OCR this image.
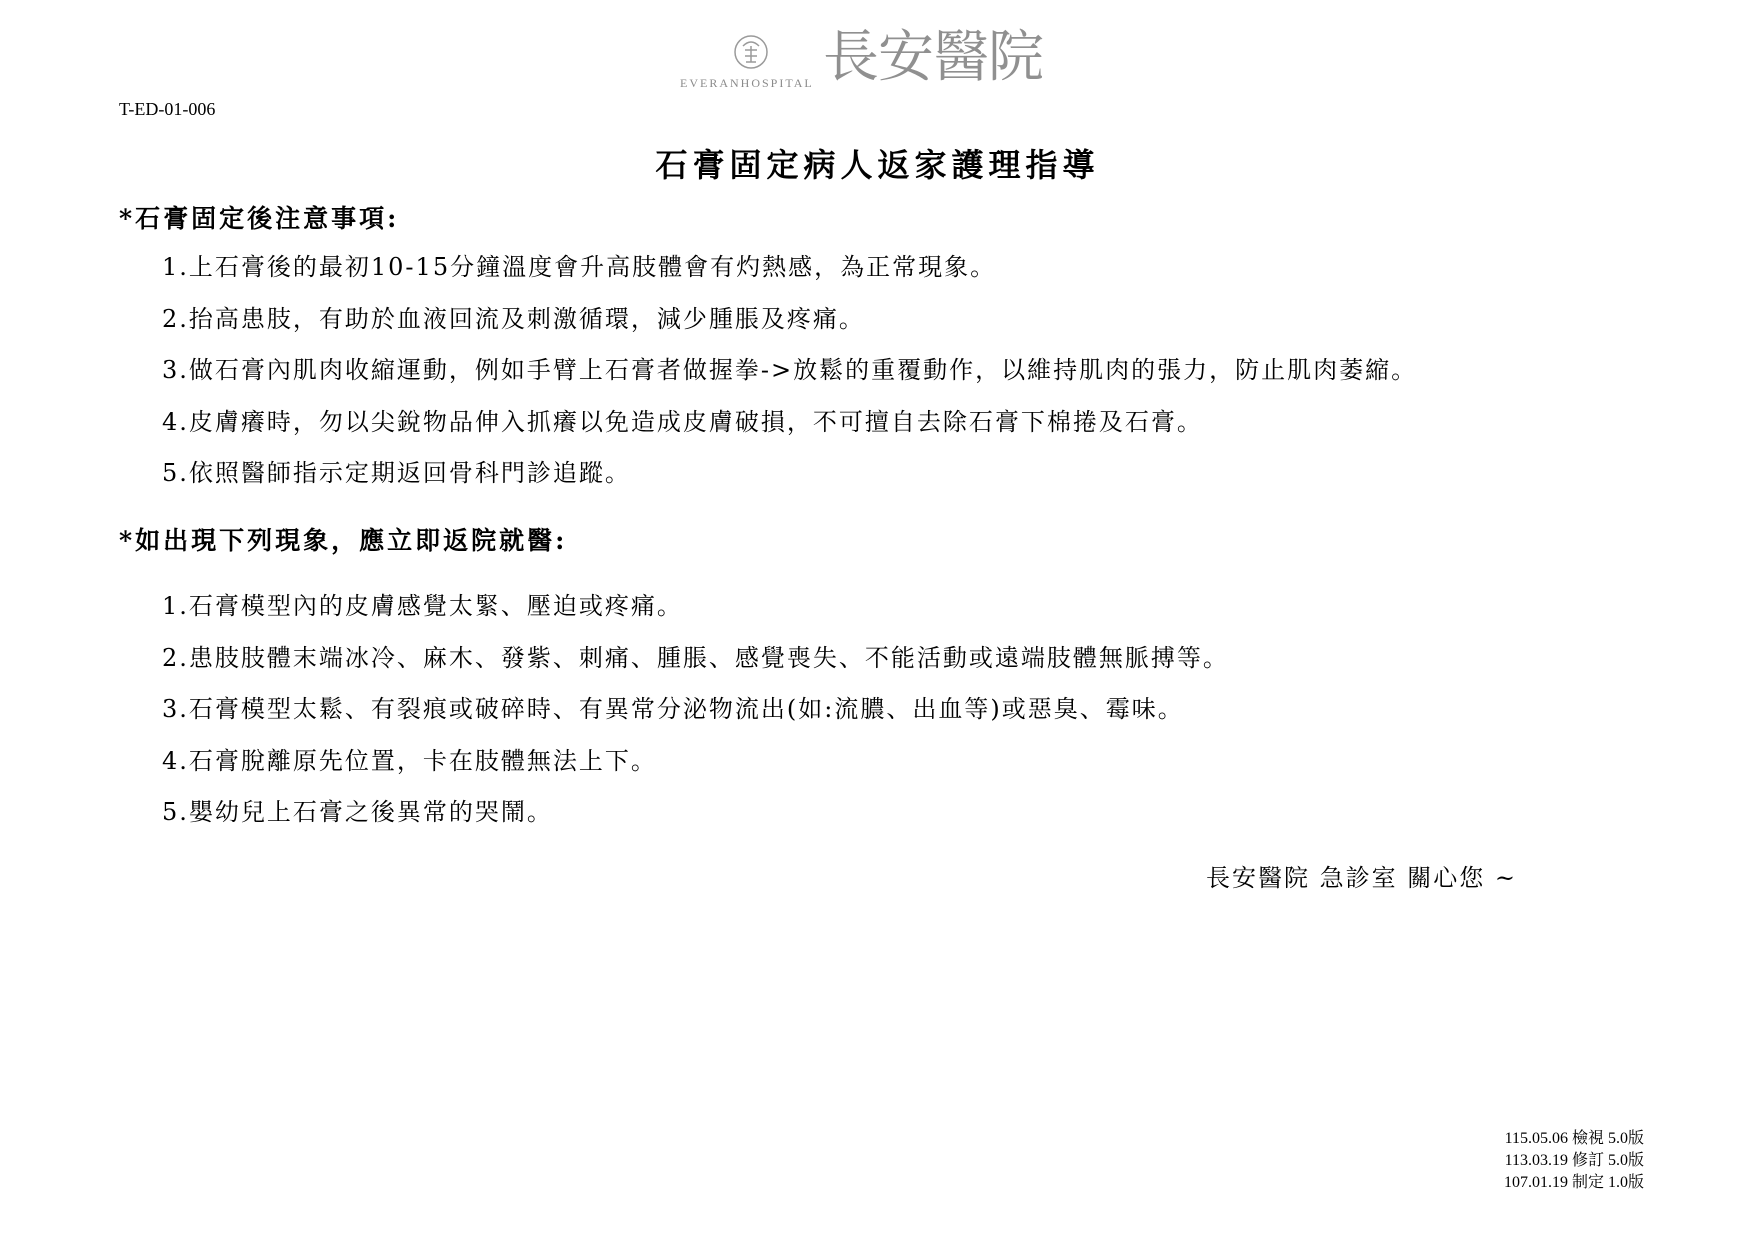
EVERANHOSPITAL 長安醫院
T-ED-01-006
石膏固定病人返家護理指導
*石膏固定後注意事項:
1.上石膏後的最初10-15分鐘溫度會升高肢體會有灼熱感，為正常現象。
2.抬高患肢，有助於血液回流及刺激循環，減少腫脹及疼痛。
3.做石膏內肌肉收縮運動，例如手臂上石膏者做握拳->放鬆的重覆動作，以維持肌肉的張力，防止肌肉萎縮。
4.皮膚癢時，勿以尖銳物品伸入抓癢以免造成皮膚破損，不可擅自去除石膏下棉捲及石膏。
5.依照醫師指示定期返回骨科門診追蹤。
*如出現下列現象，應立即返院就醫:
1.石膏模型內的皮膚感覺太緊、壓迫或疼痛。
2.患肢肢體末端冰冷、麻木、發紫、刺痛、腫脹、感覺喪失、不能活動或遠端肢體無脈搏等。
3.石膏模型太鬆、有裂痕或破碎時、有異常分泌物流出(如:流膿、出血等)或惡臭、霉味。
4.石膏脫離原先位置，卡在肢體無法上下。
5.嬰幼兒上石膏之後異常的哭鬧。
長安醫院 急診室 關心您 ~
115.05.06 檢視 5.0版
113.03.19 修訂 5.0版
107.01.19 制定 1.0版
